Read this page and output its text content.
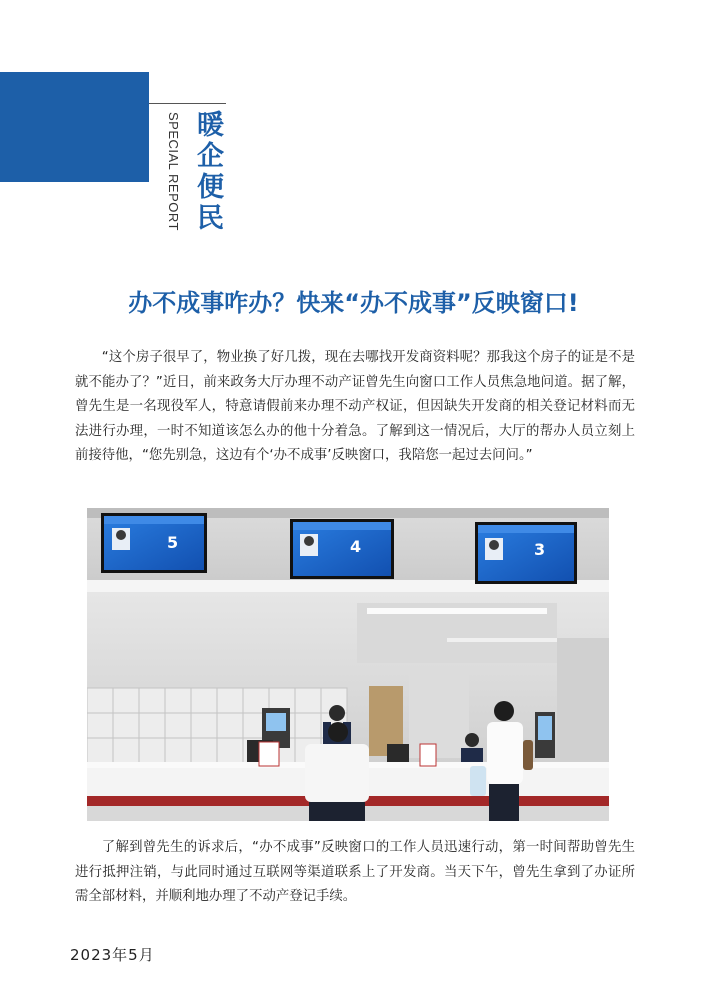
SPECIAL REPORT 暖企便民
办不成事咋办？快来“办不成事”反映窗口!

“这个房子很早了，物业换了好几拨，现在去哪找开发商资料呢？那我这个房子的证是不是就不能办了？”近日，前来政务大厅办理不动产证曾先生向窗口工作人员焦急地问道。据了解，曾先生是一名现役军人，特意请假前来办理不动产权证，但因缺失开发商的相关登记材料而无法进行办理，一时不知道该怎么办的他十分着急。了解到这一情况后，大厅的帮办人员立刻上前接待他，“您先别急，这边有个‘办不成事’反映窗口，我陪您一起过去问问。”

5	4	3

了解到曾先生的诉求后，“办不成事”反映窗口的工作人员迅速行动，第一时间帮助曾先生进行抵押注销，与此同时通过互联网等渠道联系上了开发商。当天下午，曾先生拿到了办证所需全部材料，并顺利地办理了不动产登记手续。

2023年5月
